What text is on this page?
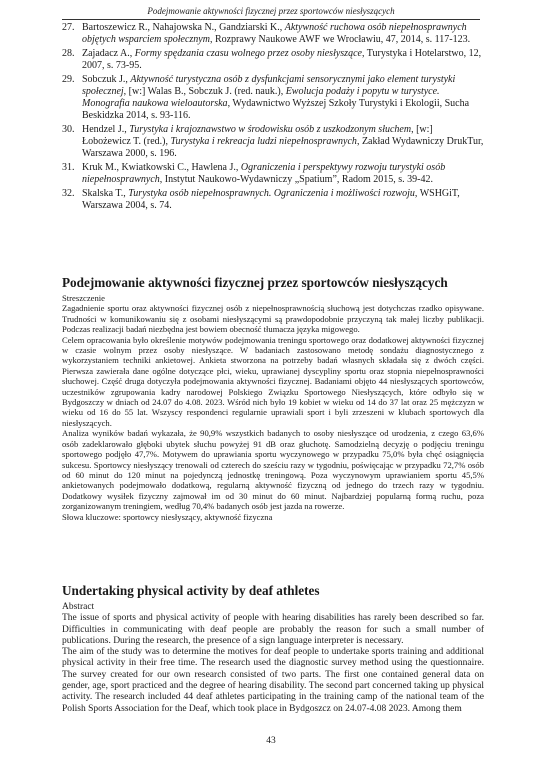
Podejmowanie aktywności fizycznej przez sportowców niesłyszących
27. Bartoszewicz R., Nahajowska N., Gandziarski K., Aktywność ruchowa osób niepełnosprawnych objętych wsparciem społecznym, Rozprawy Naukowe AWF we Wrocławiu, 47, 2014, s. 117-123.
28. Zajadacz A., Formy spędzania czasu wolnego przez osoby niesłyszące, Turystyka i Hotelarstwo, 12, 2007, s. 73-95.
29. Sobczuk J., Aktywność turystyczna osób z dysfunkcjami sensorycznymi jako element turystyki społecznej, [w:] Walas B., Sobczuk J. (red. nauk.), Ewolucja podaży i popytu w turystyce. Monografia naukowa wieloautorska, Wydawnictwo Wyższej Szkoły Turystyki i Ekologii, Sucha Beskidzka 2014, s. 93-116.
30. Hendzel J., Turystyka i krajoznawstwo w środowisku osób z uszkodzonym słuchem, [w:] Łobożewicz T. (red.), Turystyka i rekreacja ludzi niepełnosprawnych, Zakład Wydawniczy DrukTur, Warszawa 2000, s. 196.
31. Kruk M., Kwiatkowski C., Hawlena J., Ograniczenia i perspektywy rozwoju turystyki osób niepełnosprawnych, Instytut Naukowo-Wydawniczy „Spatium”, Radom 2015, s. 39-42.
32. Skalska T., Turystyka osób niepełnosprawnych. Ograniczenia i możliwości rozwoju, WSHGiT, Warszawa 2004, s. 74.
Podejmowanie aktywności fizycznej przez sportowców niesłyszących

Streszczenie

Zagadnienie sportu oraz aktywności fizycznej osób z niepełnosprawnością słuchową jest dotychczas rzadko opisywane. Trudności w komunikowaniu się z osobami niesłyszącymi są prawdopodobnie przyczyną tak małej liczby publikacji. Podczas realizacji badań niezbędna jest bowiem obecność tłumacza języka migowego.

Celem opracowania było określenie motywów podejmowania treningu sportowego oraz dodatkowej aktywności fizycznej w czasie wolnym przez osoby niesłyszące. W badaniach zastosowano metodę sondażu diagnostycznego z wykorzystaniem techniki ankietowej. Ankieta stworzona na potrzeby badań własnych składała się z dwóch części. Pierwsza zawierała dane ogólne dotyczące płci, wieku, uprawianej dyscypliny sportu oraz stopnia niepełnosprawności słuchowej. Część druga dotyczyła podejmowania aktywności fizycznej. Badaniami objęto 44 niesłyszących sportowców, uczestników zgrupowania kadry narodowej Polskiego Związku Sportowego Niesłyszących, które odbyło się w Bydgoszczy w dniach od 24.07 do 4.08. 2023. Wśród nich było 19 kobiet w wieku od 14 do 37 lat oraz 25 mężczyzn w wieku od 16 do 55 lat. Wszyscy respondenci regularnie uprawiali sport i byli zrzeszeni w klubach sportowych dla niesłyszących.

Analiza wyników badań wykazała, że 90,9% wszystkich badanych to osoby niesłyszące od urodzenia, z czego 63,6% osób zadeklarowało głęboki ubytek słuchu powyżej 91 dB oraz głuchotę. Samodzielną decyzję o podjęciu treningu sportowego podjęło 47,7%. Motywem do uprawiania sportu wyczynowego w przypadku 75,0% była chęć osiągnięcia sukcesu. Sportowcy niesłyszący trenowali od czterech do sześciu razy w tygodniu, poświęcając w przypadku 72,7% osób od 60 minut do 120 minut na pojedynczą jednostkę treningową. Poza wyczynowym uprawianiem sportu 45,5% ankietowanych podejmowało dodatkową, regularną aktywność fizyczną od jednego do trzech razy w tygodniu. Dodatkowy wysiłek fizyczny zajmował im od 30 minut do 60 minut. Najbardziej popularną formą ruchu, poza zorganizowanym treningiem, według 70,4% badanych osób jest jazda na rowerze.

Słowa kluczowe: sportowcy niesłyszący, aktywność fizyczna

Undertaking physical activity by deaf athletes

Abstract

The issue of sports and physical activity of people with hearing disabilities has rarely been described so far. Difficulties in communicating with deaf people are probably the reason for such a small number of publications. During the research, the presence of a sign language interpreter is necessary.

The aim of the study was to determine the motives for deaf people to undertake sports training and additional physical activity in their free time. The research used the diagnostic survey method using the questionnaire. The survey created for our own research consisted of two parts. The first one contained general data on gender, age, sport practiced and the degree of hearing disability. The second part concerned taking up physical activity. The research included 44 deaf athletes participating in the training camp of the national team of the Polish Sports Association for the Deaf, which took place in Bydgoszcz on 24.07-4.08 2023. Among them

43
